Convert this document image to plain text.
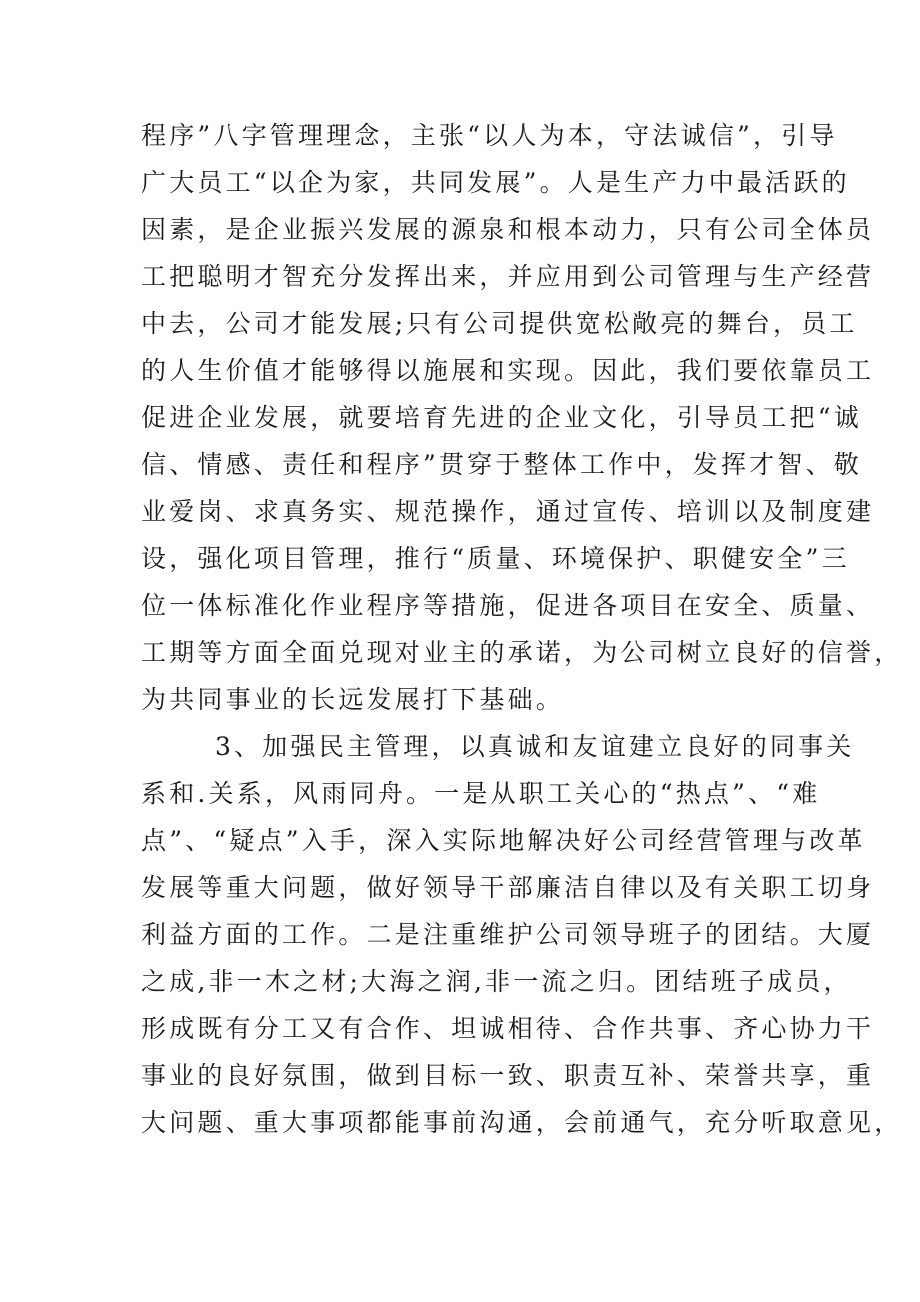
程序”八字管理理念，主张“以人为本，守法诚信”，引导
广大员工“以企为家，共同发展”。人是生产力中最活跃的
因素，是企业振兴发展的源泉和根本动力，只有公司全体员
工把聪明才智充分发挥出来，并应用到公司管理与生产经营
中去，公司才能发展;只有公司提供宽松敞亮的舞台，员工
的人生价值才能够得以施展和实现。因此，我们要依靠员工
促进企业发展，就要培育先进的企业文化，引导员工把“诚
信、情感、责任和程序”贯穿于整体工作中，发挥才智、敬
业爱岗、求真务实、规范操作，通过宣传、培训以及制度建
设，强化项目管理，推行“质量、环境保护、职健安全”三
位一体标准化作业程序等措施，促进各项目在安全、质量、
工期等方面全面兑现对业主的承诺，为公司树立良好的信誉，
为共同事业的长远发展打下基础。
3、加强民主管理，以真诚和友谊建立良好的同事关
系和.关系，风雨同舟。一是从职工关心的“热点”、“难
点”、“疑点”入手，深入实际地解决好公司经营管理与改革
发展等重大问题，做好领导干部廉洁自律以及有关职工切身
利益方面的工作。二是注重维护公司领导班子的团结。大厦
之成,非一木之材;大海之润,非一流之归。团结班子成员，
形成既有分工又有合作、坦诚相待、合作共事、齐心协力干
事业的良好氛围，做到目标一致、职责互补、荣誉共享，重
大问题、重大事项都能事前沟通，会前通气，充分听取意见，
